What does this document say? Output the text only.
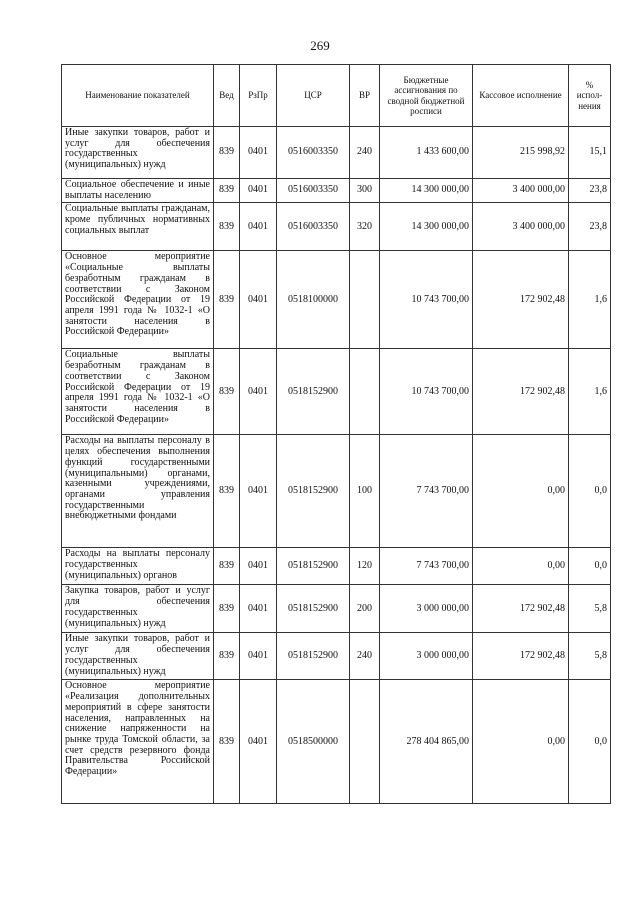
269
Наименование показателей	Вед	РзПр	ЦСР	ВР	Бюджетные ассигнования по сводной бюджетной росписи	Кассовое исполнение	% испол-нения
Иные закупки товаров, работ и услуг для обеспечения государственных (муниципальных) нужд	839	0401	0516003350	240	1 433 600,00	215 998,92	15,1
Социальное обеспечение и иные выплаты населению	839	0401	0516003350	300	14 300 000,00	3 400 000,00	23,8
Социальные выплаты гражданам, кроме публичных нормативных социальных выплат	839	0401	0516003350	320	14 300 000,00	3 400 000,00	23,8
Основное мероприятие «Социальные выплаты безработным гражданам в соответствии с Законом Российской Федерации от 19 апреля 1991 года № 1032-1 «О занятости населения в Российской Федерации»	839	0401	0518100000		10 743 700,00	172 902,48	1,6
Социальные выплаты безработным гражданам в соответствии с Законом Российской Федерации от 19 апреля 1991 года № 1032-1 «О занятости населения в Российской Федерации»	839	0401	0518152900		10 743 700,00	172 902,48	1,6
Расходы на выплаты персоналу в целях обеспечения выполнения функций государственными (муниципальными) органами, казенными учреждениями, органами управления государственными внебюджетными фондами	839	0401	0518152900	100	7 743 700,00	0,00	0,0
Расходы на выплаты персоналу государственных (муниципальных) органов	839	0401	0518152900	120	7 743 700,00	0,00	0,0
Закупка товаров, работ и услуг для обеспечения государственных (муниципальных) нужд	839	0401	0518152900	200	3 000 000,00	172 902,48	5,8
Иные закупки товаров, работ и услуг для обеспечения государственных (муниципальных) нужд	839	0401	0518152900	240	3 000 000,00	172 902,48	5,8
Основное мероприятие «Реализация дополнительных мероприятий в сфере занятости населения, направленных на снижение напряженности на рынке труда Томской области, за счет средств резервного фонда Правительства Российской Федерации»	839	0401	0518500000		278 404 865,00	0,00	0,0
